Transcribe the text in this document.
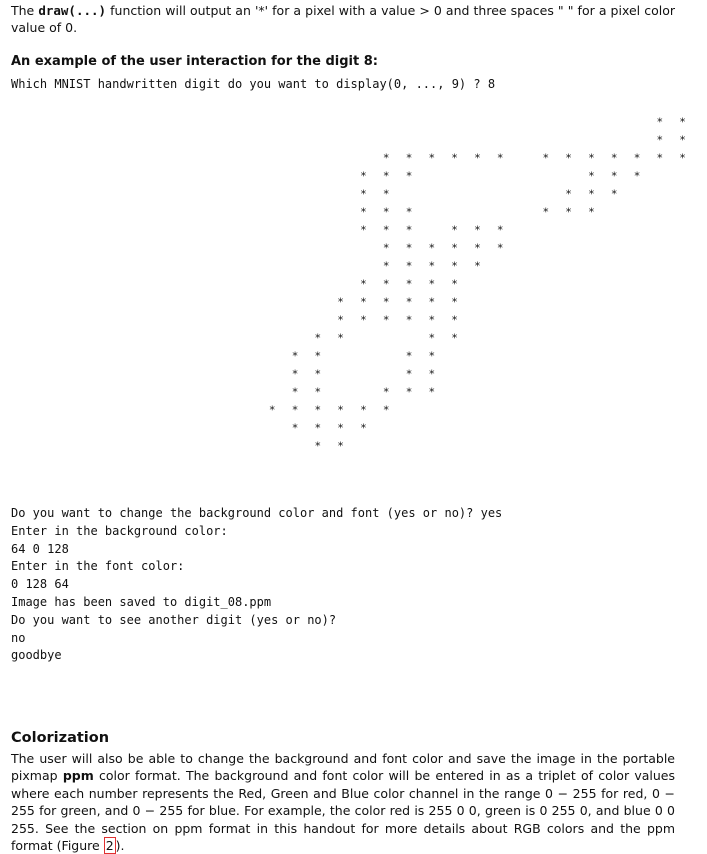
The draw(...) function will output an '*' for a pixel with a value > 0 and three spaces " " for a pixel color value of 0.
An example of the user interaction for the digit 8:
Which MNIST handwritten digit do you want to display(0, ..., 9) ? 8
* *
* *
* * * * * *	* * * * * * *
* * *	* * *
* *	* * *
* * *	* * *
* * *	* * *
* * * * * *
* * * * *
* * * * *
* * * * * *
* * * * * *
* *	* *
* *	* *
* *	* *
* *	* * *
* * * * * *
* * * *
* *
Do you want to change the background color and font (yes or no)? yes
Enter in the background color:
64 0 128
Enter in the font color:
0 128 64
Image has been saved to digit_08.ppm
Do you want to see another digit (yes or no)?
no
goodbye
Colorization
The user will also be able to change the background and font color and save the image in the portable pixmap ppm color format. The background and font color will be entered in as a triplet of color values where each number represents the Red, Green and Blue color channel in the range 0 − 255 for red, 0 − 255 for green, and 0 − 255 for blue. For example, the color red is 255 0 0, green is 0 255 0, and blue 0 0 255. See the section on ppm format in this handout for more details about RGB colors and the ppm format (Figure 2 ).
